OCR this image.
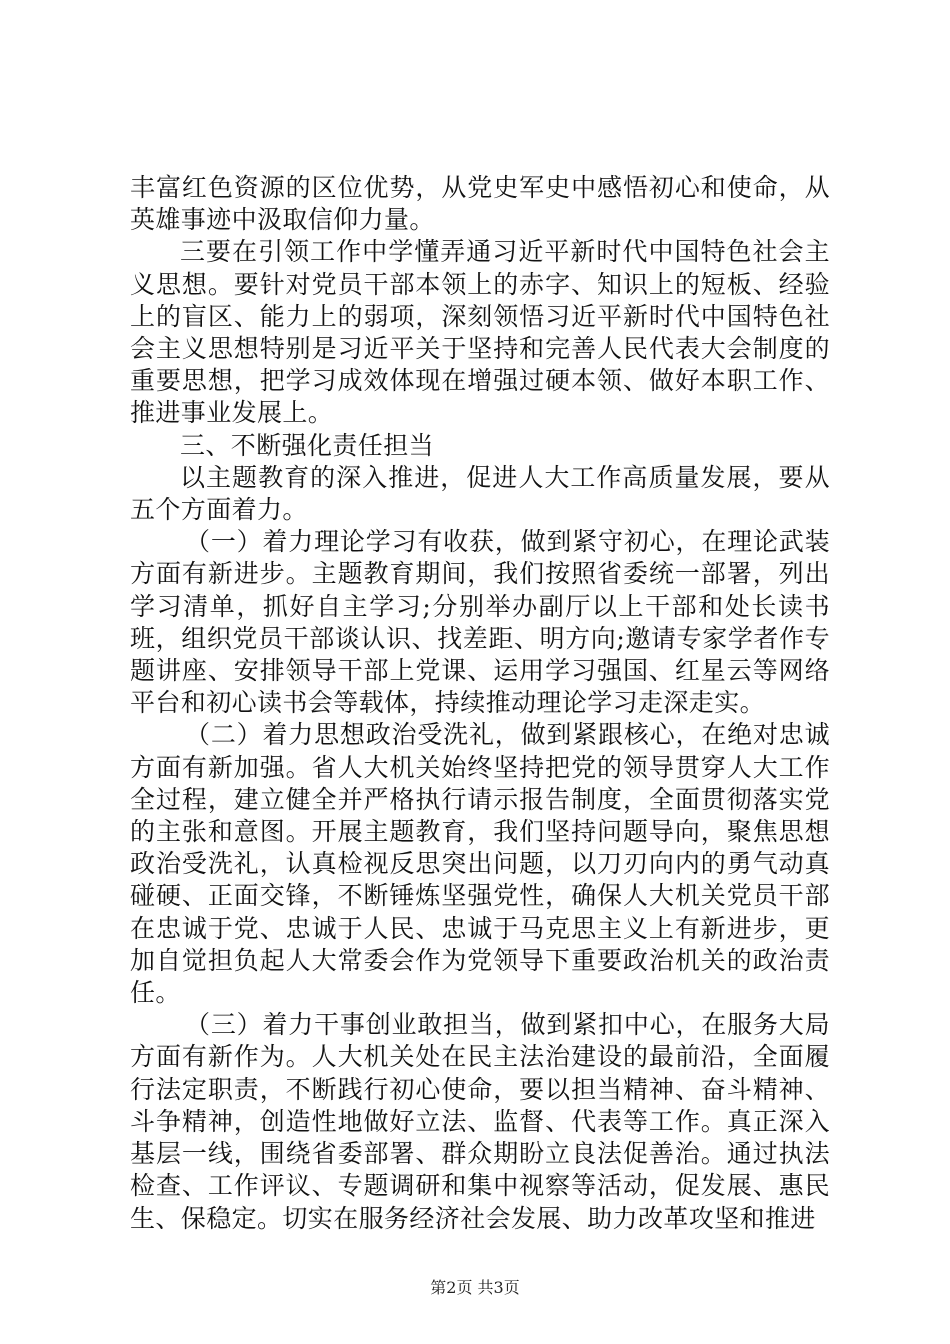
丰富红色资源的区位优势，从党史军史中感悟初心和使命，从英雄事迹中汲取信仰力量。

三要在引领工作中学懂弄通习近平新时代中国特色社会主义思想。要针对党员干部本领上的赤字、知识上的短板、经验上的盲区、能力上的弱项，深刻领悟习近平新时代中国特色社会主义思想特别是习近平关于坚持和完善人民代表大会制度的重要思想，把学习成效体现在增强过硬本领、做好本职工作、推进事业发展上。

三、不断强化责任担当

以主题教育的深入推进，促进人大工作高质量发展，要从五个方面着力。

（一）着力理论学习有收获，做到紧守初心，在理论武装方面有新进步。主题教育期间，我们按照省委统一部署，列出学习清单，抓好自主学习;分别举办副厅以上干部和处长读书班，组织党员干部谈认识、找差距、明方向;邀请专家学者作专题讲座、安排领导干部上党课、运用学习强国、红星云等网络平台和初心读书会等载体，持续推动理论学习走深走实。

（二）着力思想政治受洗礼，做到紧跟核心，在绝对忠诚方面有新加强。省人大机关始终坚持把党的领导贯穿人大工作全过程，建立健全并严格执行请示报告制度，全面贯彻落实党的主张和意图。开展主题教育，我们坚持问题导向，聚焦思想政治受洗礼，认真检视反思突出问题，以刀刃向内的勇气动真碰硬、正面交锋，不断锤炼坚强党性，确保人大机关党员干部在忠诚于党、忠诚于人民、忠诚于马克思主义上有新进步，更加自觉担负起人大常委会作为党领导下重要政治机关的政治责任。

（三）着力干事创业敢担当，做到紧扣中心，在服务大局方面有新作为。人大机关处在民主法治建设的最前沿，全面履行法定职责，不断践行初心使命，要以担当精神、奋斗精神、斗争精神，创造性地做好立法、监督、代表等工作。真正深入基层一线，围绕省委部署、群众期盼立良法促善治。通过执法检查、工作评议、专题调研和集中视察等活动，促发展、惠民生、保稳定。切实在服务经济社会发展、助力改革攻坚和推进

第2页 共3页
